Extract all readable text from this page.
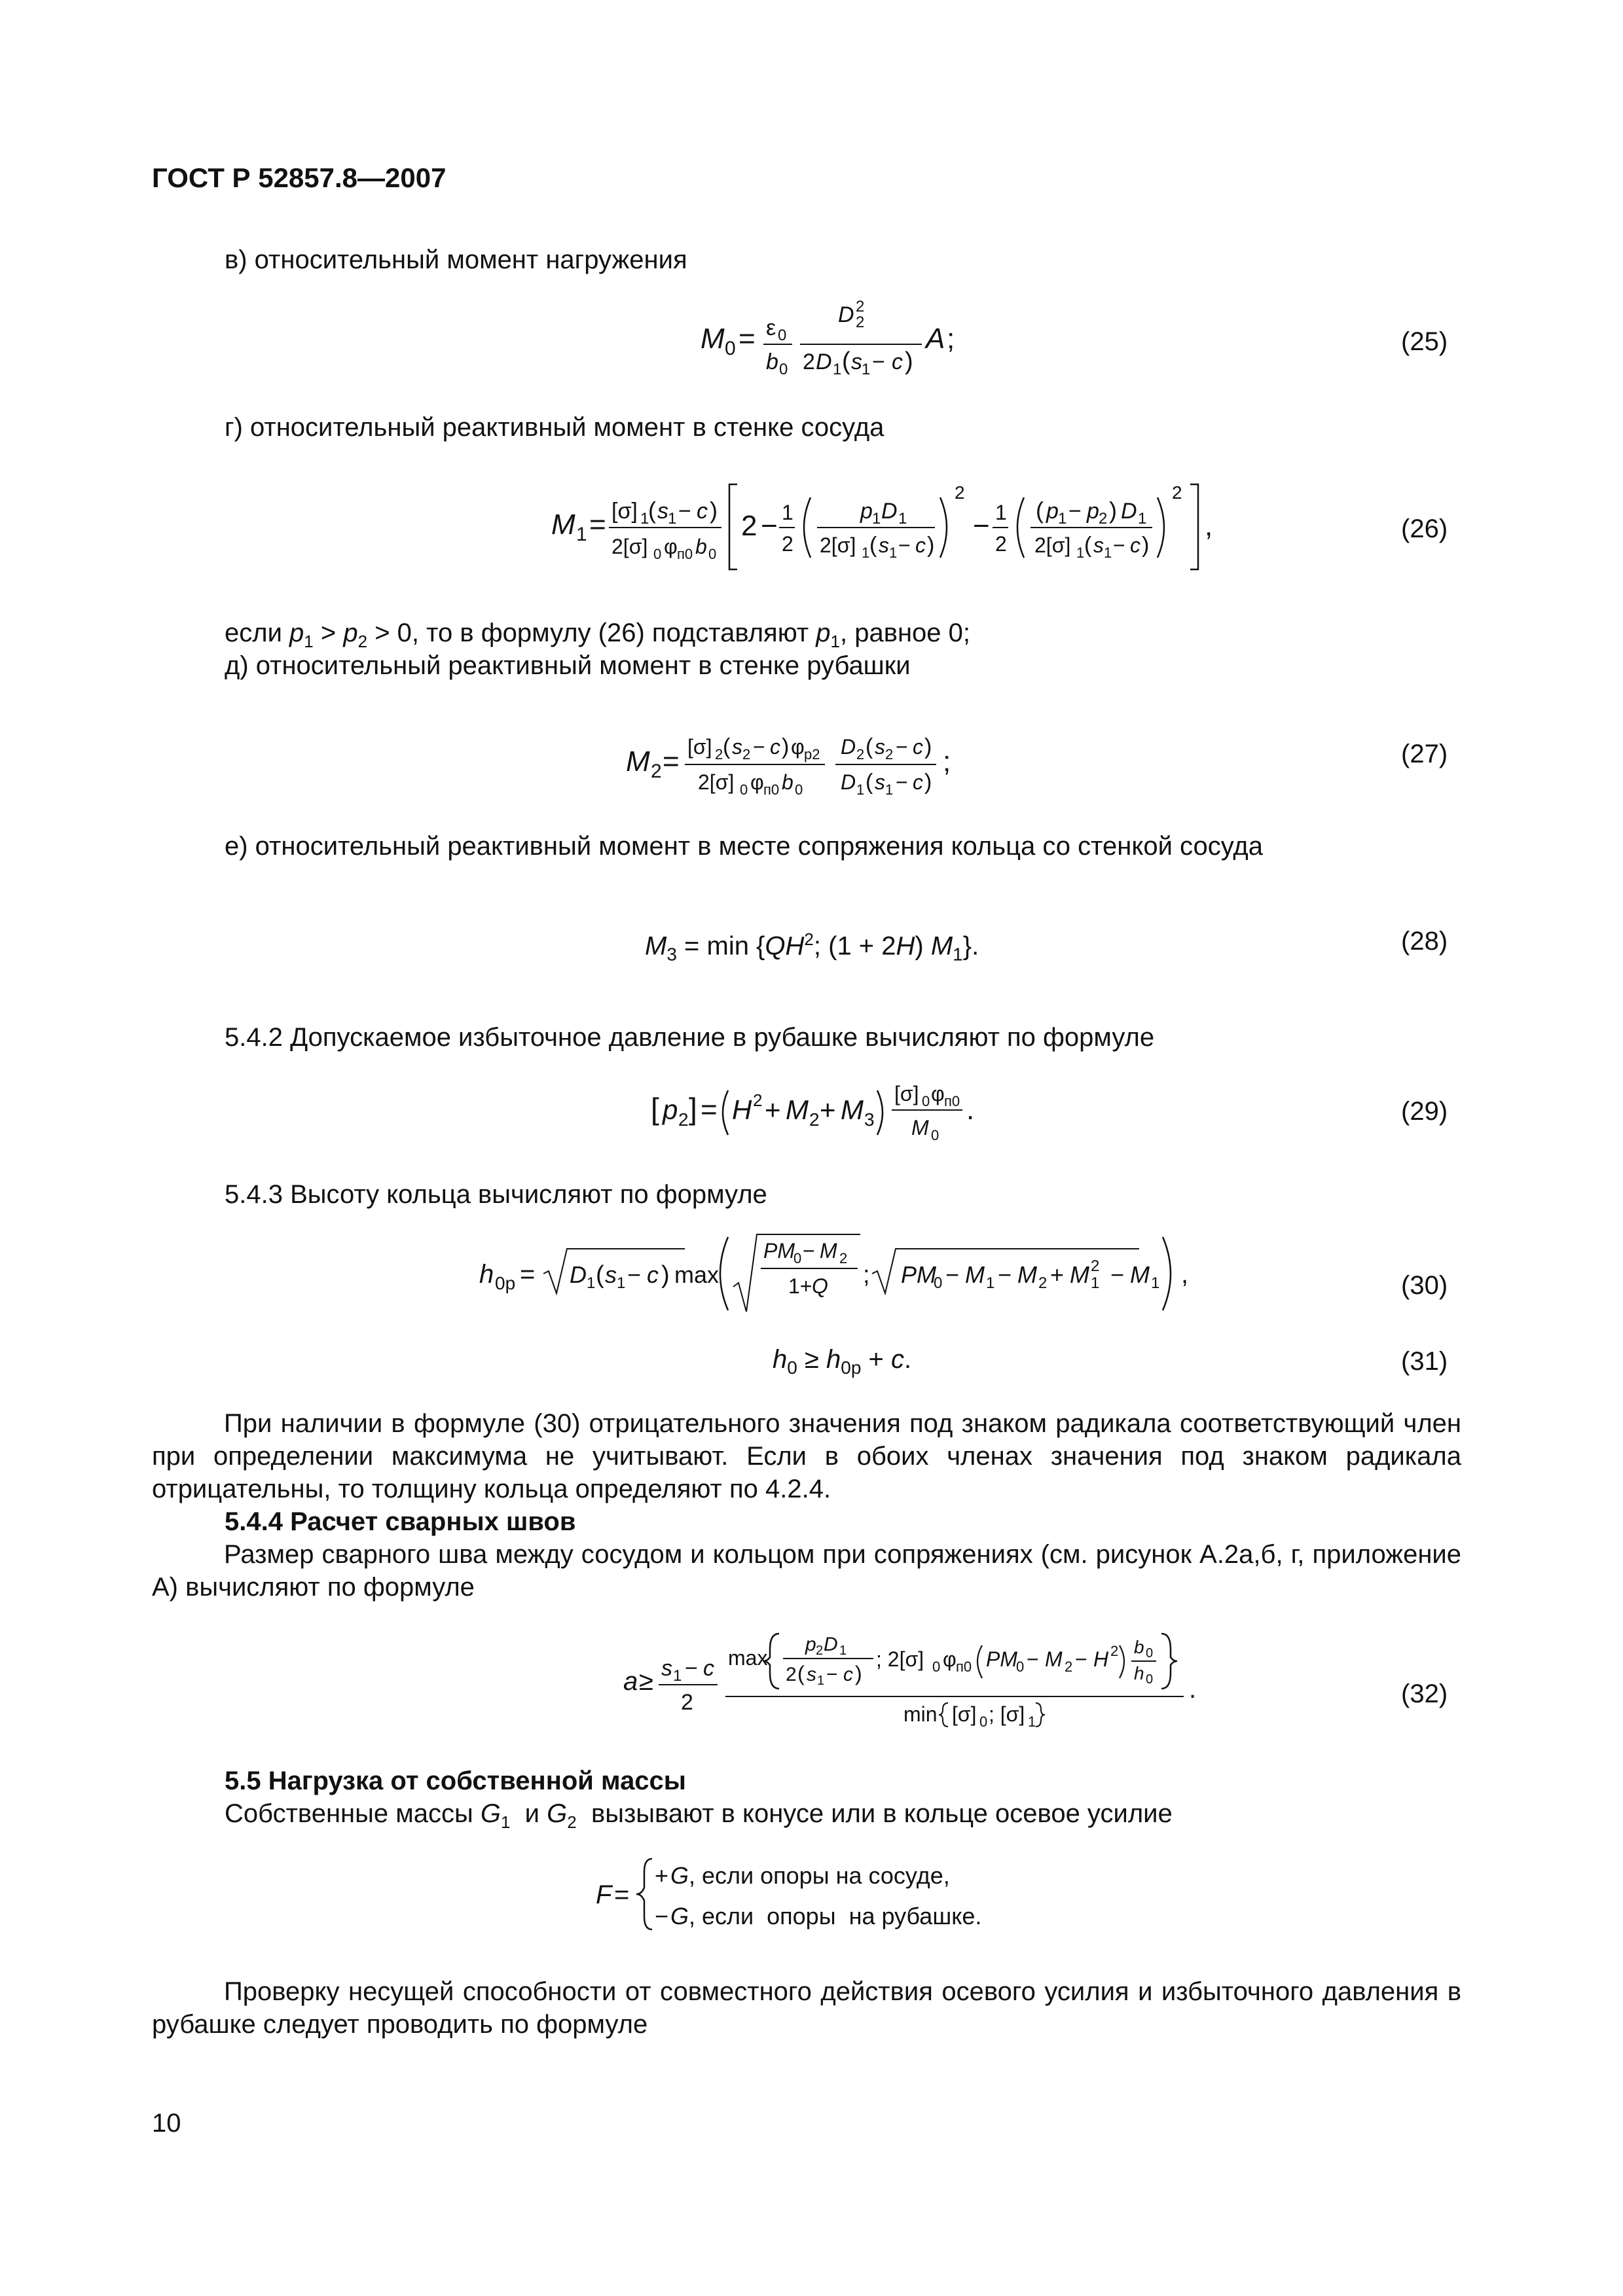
ГОСТ Р 52857.8—2007
в) относительный момент нагружения
M 0 = ε 0
b 0
D 2
2
2 D 1 ( s 1 − c )
A ;	(25)
г) относительный реактивный момент в стенке сосуда
M 1 = [σ] 1
( s 1 − c )
2[σ] 0 φ п0 b 0
2 − 1
2
p 1 D 1
2[σ] 1 ( s 1 − c )
2
− 1
2
( p 1 − p 2 ) D 1
2[σ] 1 ( s 1 − c )
2
,	(26)
если $p_1 > p_2 > 0$, то в формулу (26) подставляют $p_1$, равное 0;
д) относительный реактивный момент в стенке рубашки
M 2 = [σ] 2 ( s 2 − c ) φ p2
2[σ] 0 φ п0 b 0
D 2 ( s 2 − c )
D 1 ( s 1 − c )
;	(27)
е) относительный реактивный момент в месте сопряжения кольца со стенкой сосуда
$M_3 = \min \{QH^2$; (1 + 2H) $M_1$}.	(28)
5.4.2 Допускаемое избыточное давление в рубашке вычисляют по формуле
[ p 2 ] = H 2 + M 2 + M 3
[σ] 0 φ п0
M 0
.	(29)
5.4.3 Высоту кольца вычисляют по формуле
h 0р = D 1 ( s 1 − c ) max
PM
0 − M 2
1+ Q ; PM
0 − M 1 − M 2 + M 1
2 − M 1 ,	(30)
$h_0 \ge h_{0р} + с$.	(31)
При наличии в формуле (30) отрицательного значения под знаком радикала соответствующий член при определении максимума не учитывают. Если в обоих членах значения под знаком радикала отрицательны, то толщину кольца определяют по 4.2.4.
5.4.4 Расчет сварных швов
Размер сварного шва между сосудом и кольцом при сопряжениях (см. рисунок А.2а,б, г, приложение А) вычисляют по формуле
a ≥ s 1 − c
2
max
p 2 D 1
2 ( s 1 − c )
; 2[σ] 0 φ п0 PM
0 − M 2 − H 2 b 0
h 0
min [σ] 0 ; [σ] 1
.	(32)
5.5 Нагрузка от собственной массы
Собственные массы $G_1$  и $G_2$  вызывают в конусе или в кольце осевое усилие
F =
+ G , если опоры на сосуде,
− G , если  опоры  на рубашке.
Проверку несущей способности от совместного действия осевого усилия и избыточного давления в рубашке следует проводить по формуле
10
